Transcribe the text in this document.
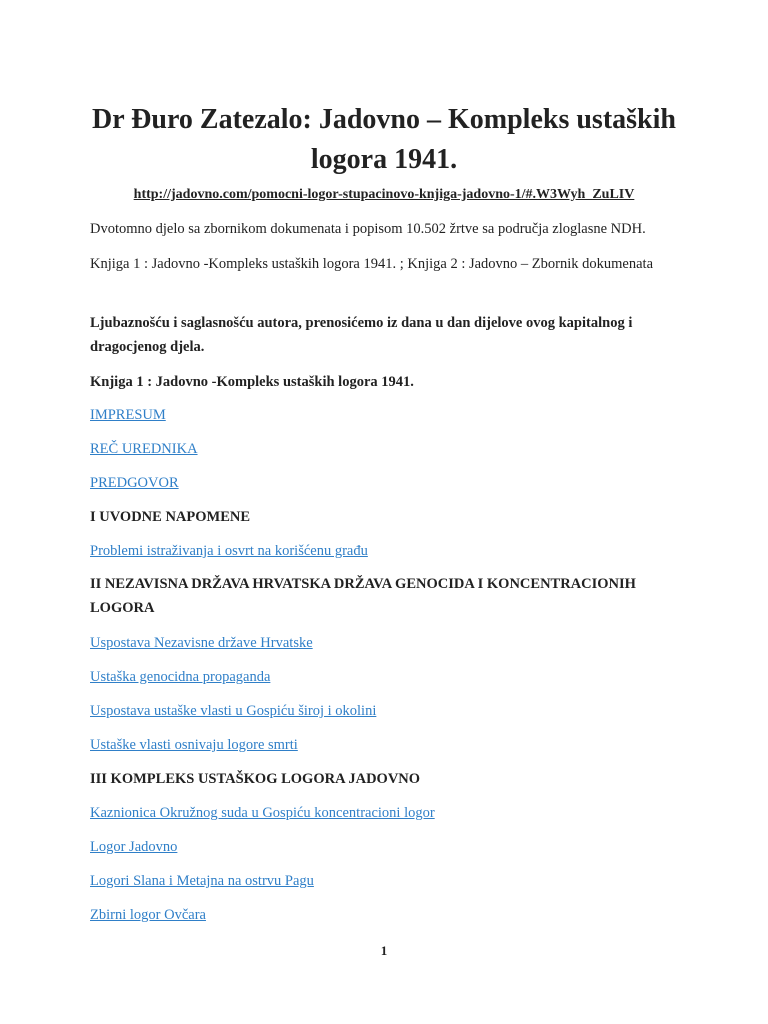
Dr Đuro Zatezalo: Jadovno – Kompleks ustaških logora 1941.
http://jadovno.com/pomocni-logor-stupacinovo-knjiga-jadovno-1/#.W3Wyh_ZuLIV

Dvotomno djelo sa zbornikom dokumenata i popisom 10.502 žrtve sa područja zloglasne NDH.

Knjiga 1 : Jadovno -Kompleks ustaških logora 1941. ; Knjiga 2 : Jadovno – Zbornik dokumenata

Ljubaznošću i saglasnošću autora, prenosićemo iz dana u dan dijelove ovog kapitalnog i dragocjenog djela.

Knjiga 1 : Jadovno -Kompleks ustaških logora 1941.

IMPRESUM

REČ UREDNIKA

PREDGOVOR

I UVODNE NAPOMENE

Problemi istraživanja i osvrt na korišćenu građu

II NEZAVISNA DRŽAVA HRVATSKA DRŽAVA GENOCIDA I KONCENTRACIONIH LOGORA

Uspostava Nezavisne države Hrvatske

Ustaška genocidna propaganda

Uspostava ustaške vlasti u Gospiću široj i okolini

Ustaške vlasti osnivaju logore smrti

III KOMPLEKS USTAŠKOG LOGORA JADOVNO

Kaznionica Okružnog suda u Gospiću koncentracioni logor

Logor Jadovno

Logori Slana i Metajna na ostrvu Pagu

Zbirni logor Ovčara

1
